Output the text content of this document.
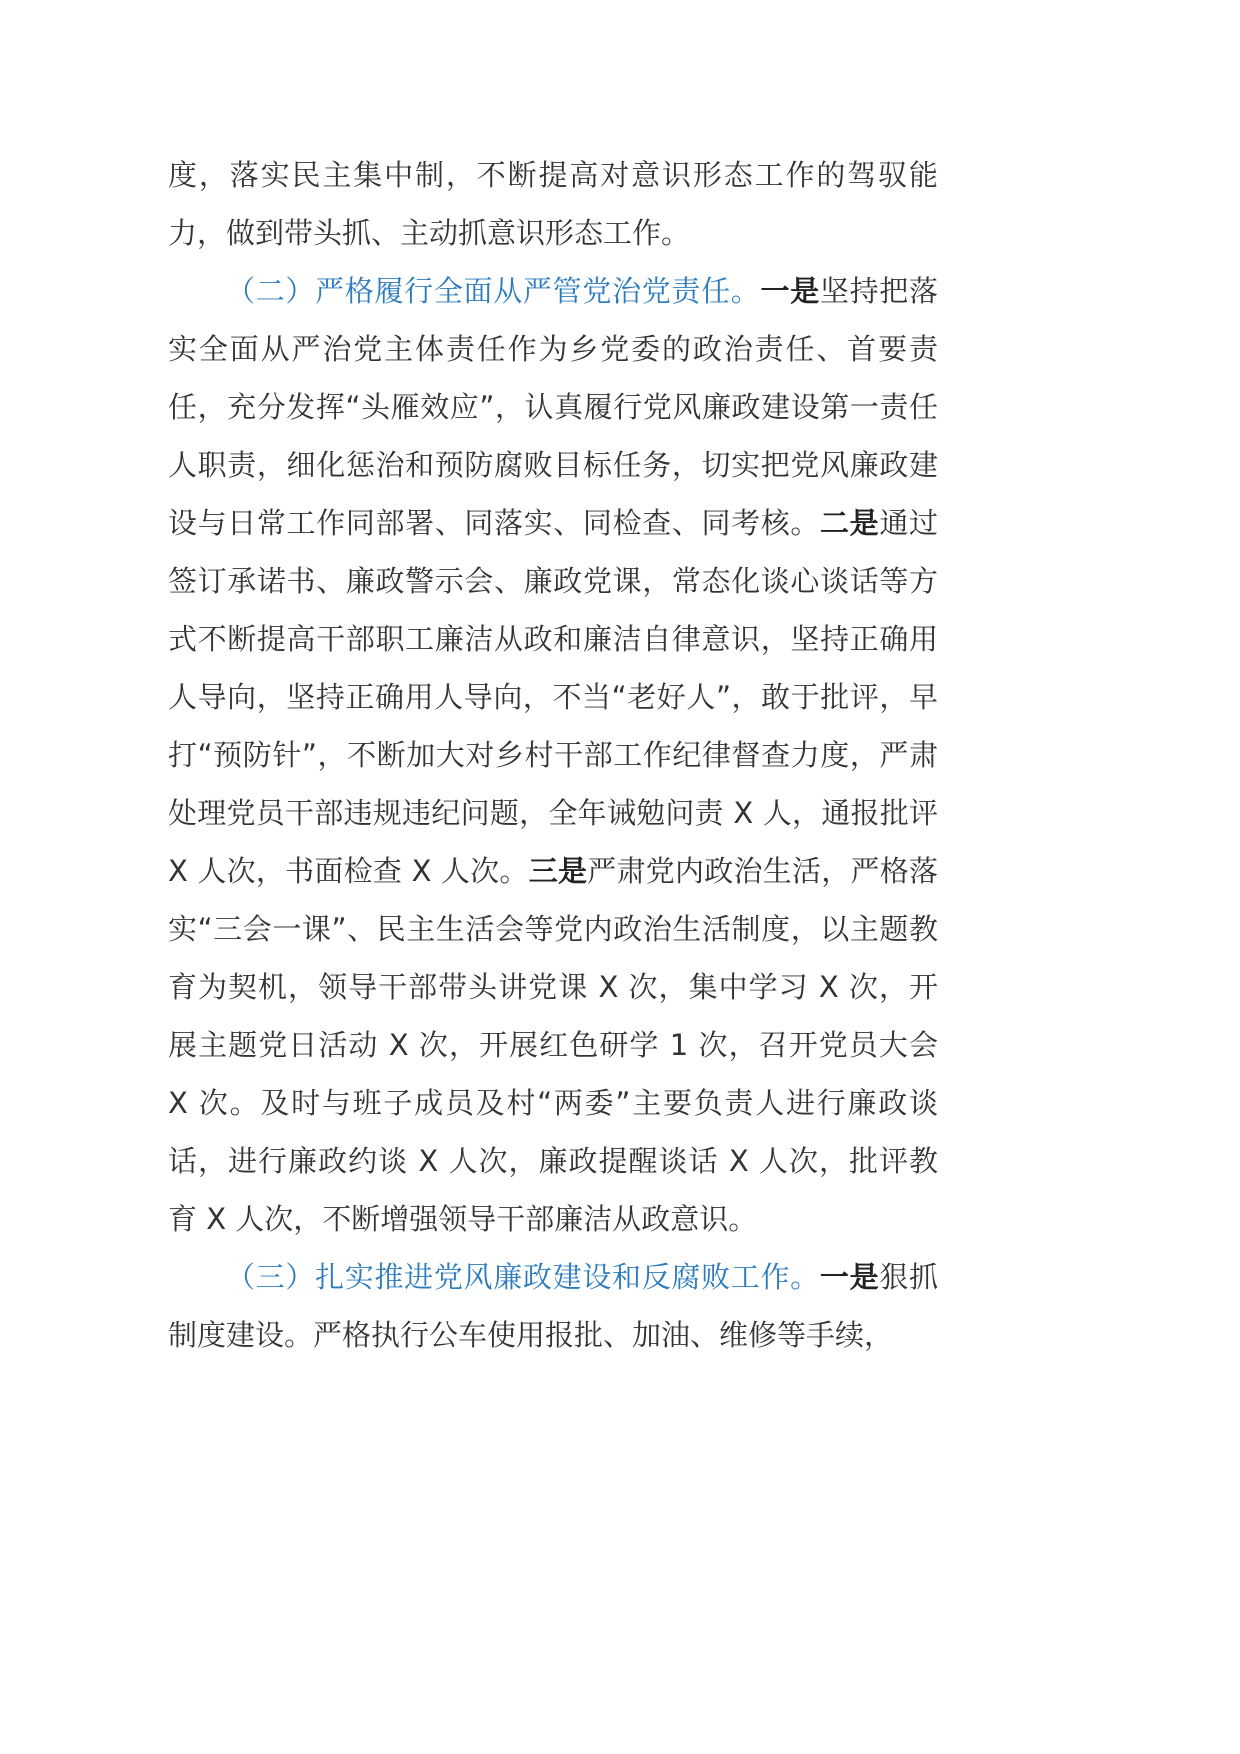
度，落实民主集中制，不断提高对意识形态工作的驾驭能力，做到带头抓、主动抓意识形态工作。

（二）严格履行全面从严管党治党责任。一是坚持把落实全面从严治党主体责任作为乡党委的政治责任、首要责任，充分发挥“头雁效应”，认真履行党风廉政建设第一责任人职责，细化惩治和预防腐败目标任务，切实把党风廉政建设与日常工作同部署、同落实、同检查、同考核。二是通过签订承诺书、廉政警示会、廉政党课，常态化谈心谈话等方式不断提高干部职工廉洁从政和廉洁自律意识，坚持正确用人导向，坚持正确用人导向，不当“老好人”，敢于批评，早打“预防针”，不断加大对乡村干部工作纪律督查力度，严肃处理党员干部违规违纪问题，全年诫勉问责 X 人，通报批评 X 人次，书面检查 X 人次。三是严肃党内政治生活，严格落实“三会一课”、民主生活会等党内政治生活制度，以主题教育为契机，领导干部带头讲党课 X 次，集中学习 X 次，开展主题党日活动 X 次，开展红色研学 1 次，召开党员大会 X 次。及时与班子成员及村“两委”主要负责人进行廉政谈话，进行廉政约谈 X 人次，廉政提醒谈话 X 人次，批评教育 X 人次，不断增强领导干部廉洁从政意识。

（三）扎实推进党风廉政建设和反腐败工作。一是狠抓制度建设。严格执行公车使用报批、加油、维修等手续，
